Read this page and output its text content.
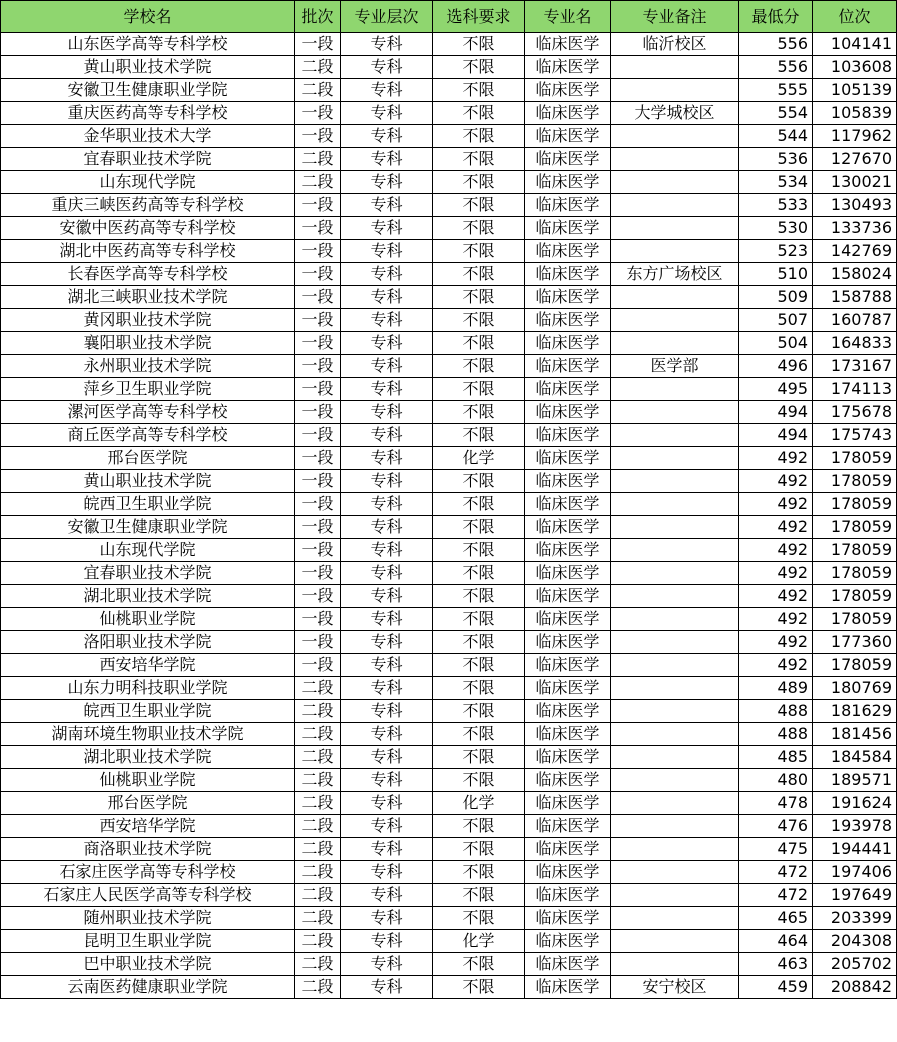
学校名	批次	专业层次	选科要求	专业名	专业备注	最低分	位次
山东医学高等专科学校	一段	专科	不限	临床医学	临沂校区	556	104141
黄山职业技术学院	二段	专科	不限	临床医学		556	103608
安徽卫生健康职业学院	二段	专科	不限	临床医学		555	105139
重庆医药高等专科学校	一段	专科	不限	临床医学	大学城校区	554	105839
金华职业技术大学	一段	专科	不限	临床医学		544	117962
宜春职业技术学院	二段	专科	不限	临床医学		536	127670
山东现代学院	二段	专科	不限	临床医学		534	130021
重庆三峡医药高等专科学校	一段	专科	不限	临床医学		533	130493
安徽中医药高等专科学校	一段	专科	不限	临床医学		530	133736
湖北中医药高等专科学校	一段	专科	不限	临床医学		523	142769
长春医学高等专科学校	一段	专科	不限	临床医学	东方广场校区	510	158024
湖北三峡职业技术学院	一段	专科	不限	临床医学		509	158788
黄冈职业技术学院	一段	专科	不限	临床医学		507	160787
襄阳职业技术学院	一段	专科	不限	临床医学		504	164833
永州职业技术学院	一段	专科	不限	临床医学	医学部	496	173167
萍乡卫生职业学院	一段	专科	不限	临床医学		495	174113
漯河医学高等专科学校	一段	专科	不限	临床医学		494	175678
商丘医学高等专科学校	一段	专科	不限	临床医学		494	175743
邢台医学院	一段	专科	化学	临床医学		492	178059
黄山职业技术学院	一段	专科	不限	临床医学		492	178059
皖西卫生职业学院	一段	专科	不限	临床医学		492	178059
安徽卫生健康职业学院	一段	专科	不限	临床医学		492	178059
山东现代学院	一段	专科	不限	临床医学		492	178059
宜春职业技术学院	一段	专科	不限	临床医学		492	178059
湖北职业技术学院	一段	专科	不限	临床医学		492	178059
仙桃职业学院	一段	专科	不限	临床医学		492	178059
洛阳职业技术学院	一段	专科	不限	临床医学		492	177360
西安培华学院	一段	专科	不限	临床医学		492	178059
山东力明科技职业学院	二段	专科	不限	临床医学		489	180769
皖西卫生职业学院	二段	专科	不限	临床医学		488	181629
湖南环境生物职业技术学院	二段	专科	不限	临床医学		488	181456
湖北职业技术学院	二段	专科	不限	临床医学		485	184584
仙桃职业学院	二段	专科	不限	临床医学		480	189571
邢台医学院	二段	专科	化学	临床医学		478	191624
西安培华学院	二段	专科	不限	临床医学		476	193978
商洛职业技术学院	二段	专科	不限	临床医学		475	194441
石家庄医学高等专科学校	二段	专科	不限	临床医学		472	197406
石家庄人民医学高等专科学校	二段	专科	不限	临床医学		472	197649
随州职业技术学院	二段	专科	不限	临床医学		465	203399
昆明卫生职业学院	二段	专科	化学	临床医学		464	204308
巴中职业技术学院	二段	专科	不限	临床医学		463	205702
云南医药健康职业学院	二段	专科	不限	临床医学	安宁校区	459	208842
